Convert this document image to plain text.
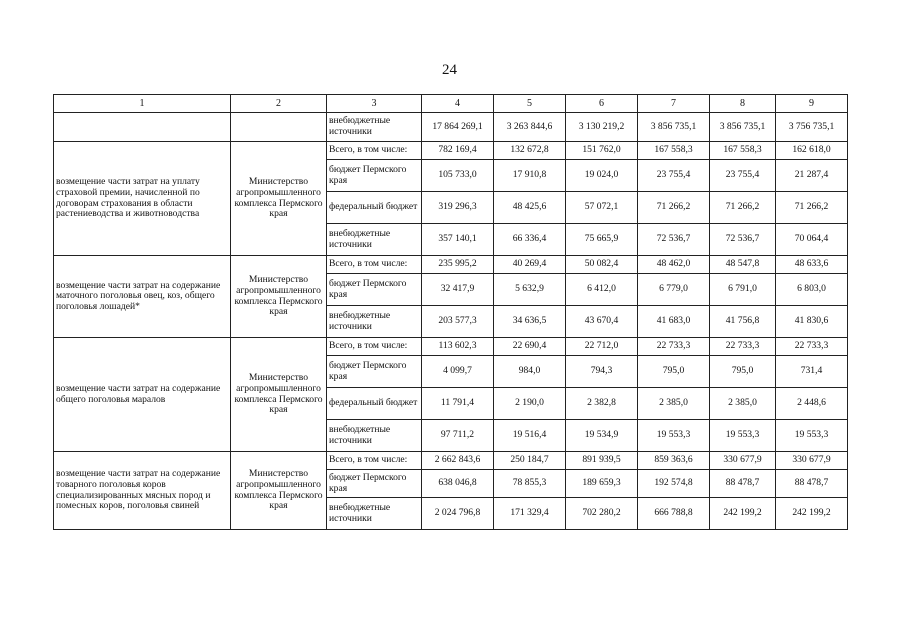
24
1	2	3	4	5	6	7	8	9
		внебюджетные источники	17 864 269,1	3 263 844,6	3 130 219,2	3 856 735,1	3 856 735,1	3 756 735,1
возмещение части затрат на уплату страховой премии, начисленной по договорам страхования в области растениеводства и животноводства	Министерство агропромышленного комплекса Пермского края	Всего, в том числе:	782 169,4	132 672,8	151 762,0	167 558,3	167 558,3	162 618,0
		бюджет Пермского края	105 733,0	17 910,8	19 024,0	23 755,4	23 755,4	21 287,4
		федеральный бюджет	319 296,3	48 425,6	57 072,1	71 266,2	71 266,2	71 266,2
		внебюджетные источники	357 140,1	66 336,4	75 665,9	72 536,7	72 536,7	70 064,4
возмещение части затрат на содержание маточного поголовья овец, коз, общего поголовья лошадей*	Министерство агропромышленного комплекса Пермского края	Всего, в том числе:	235 995,2	40 269,4	50 082,4	48 462,0	48 547,8	48 633,6
		бюджет Пермского края	32 417,9	5 632,9	6 412,0	6 779,0	6 791,0	6 803,0
		внебюджетные источники	203 577,3	34 636,5	43 670,4	41 683,0	41 756,8	41 830,6
возмещение части затрат на содержание общего поголовья маралов	Министерство агропромышленного комплекса Пермского края	Всего, в том числе:	113 602,3	22 690,4	22 712,0	22 733,3	22 733,3	22 733,3
		бюджет Пермского края	4 099,7	984,0	794,3	795,0	795,0	731,4
		федеральный бюджет	11 791,4	2 190,0	2 382,8	2 385,0	2 385,0	2 448,6
		внебюджетные источники	97 711,2	19 516,4	19 534,9	19 553,3	19 553,3	19 553,3
возмещение части затрат на содержание товарного поголовья коров специализированных мясных пород и помесных коров, поголовья свиней	Министерство агропромышленного комплекса Пермского края	Всего, в том числе:	2 662 843,6	250 184,7	891 939,5	859 363,6	330 677,9	330 677,9
		бюджет Пермского края	638 046,8	78 855,3	189 659,3	192 574,8	88 478,7	88 478,7
		внебюджетные источники	2 024 796,8	171 329,4	702 280,2	666 788,8	242 199,2	242 199,2
